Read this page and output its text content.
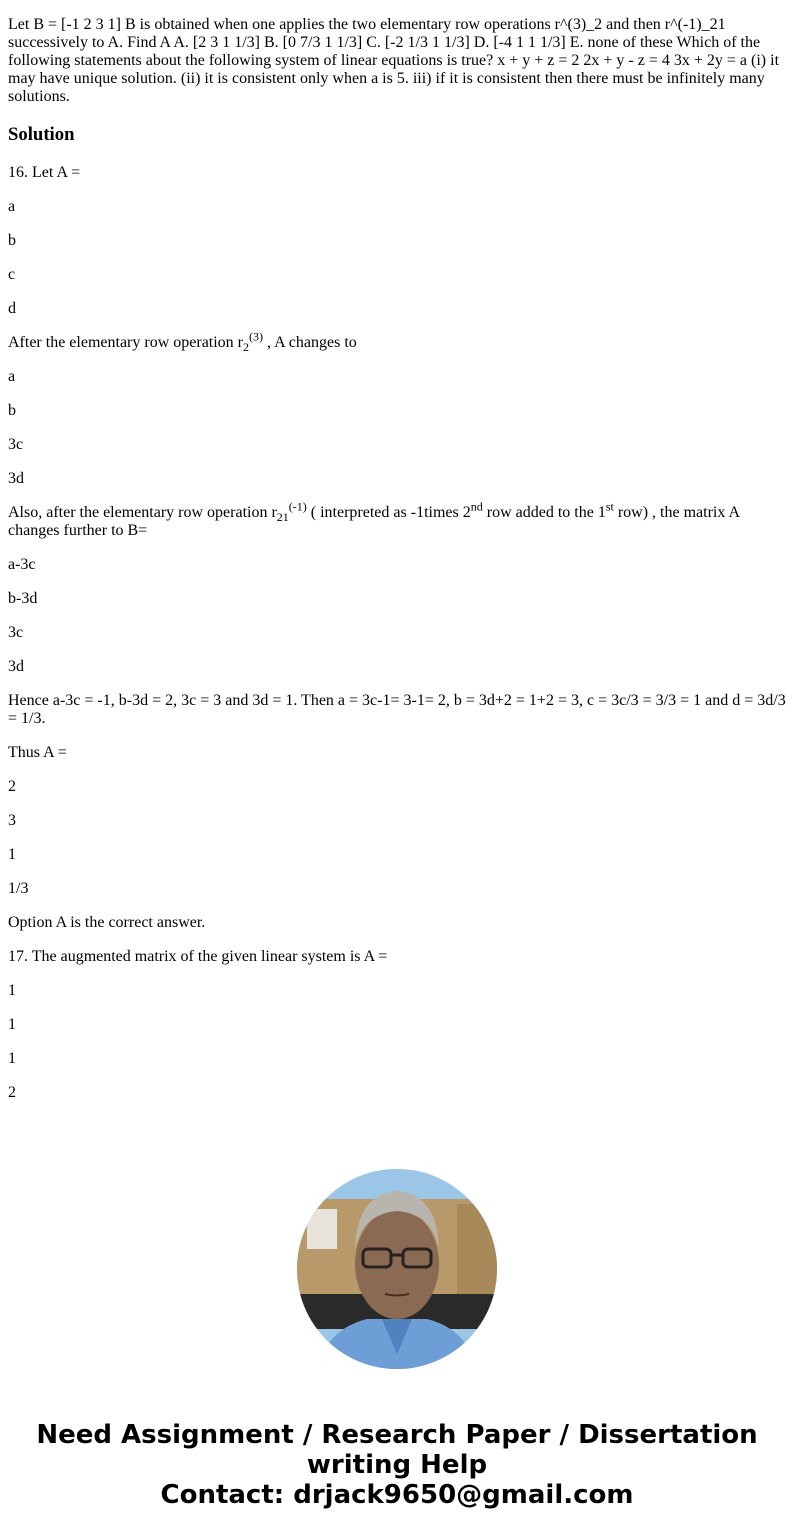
Let B = [-1 2 3 1] B is obtained when one applies the two elementary row operations r^(3)_2 and then r^(-1)_21 successively to A. Find A A. [2 3 1 1/3] B. [0 7/3 1 1/3] C. [-2 1/3 1 1/3] D. [-4 1 1 1/3] E. none of these Which of the following statements about the following system of linear equations is true? x + y + z = 2 2x + y - z = 4 3x + 2y = a (i) it may have unique solution. (ii) it is consistent only when a is 5. iii) if it is consistent then there must be infinitely many solutions.

Solution

16. Let A =

a

b

c

d

After the elementary row operation $r_2^{(3)}$ , A changes to

a

b

3c

3d

Also, after the elementary row operation $r_{21}^{(-1)}$ ( interpreted as -1times 2nd row added to the 1st row) , the matrix A changes further to B=

a-3c

b-3d

3c

3d

Hence a-3c = -1, b-3d = 2, 3c = 3 and 3d = 1. Then a = 3c-1= 3-1= 2, b = 3d+2 = 1+2 = 3, c = 3c/3 = 3/3 = 1 and d = 3d/3 = 1/3.

Thus A =

2

3

1

1/3

Option A is the correct answer.

17. The augmented matrix of the given linear system is A =

1

1

1

2

Need Assignment / Research Paper / Dissertation
writing Help
Contact: drjack9650@gmail.com
